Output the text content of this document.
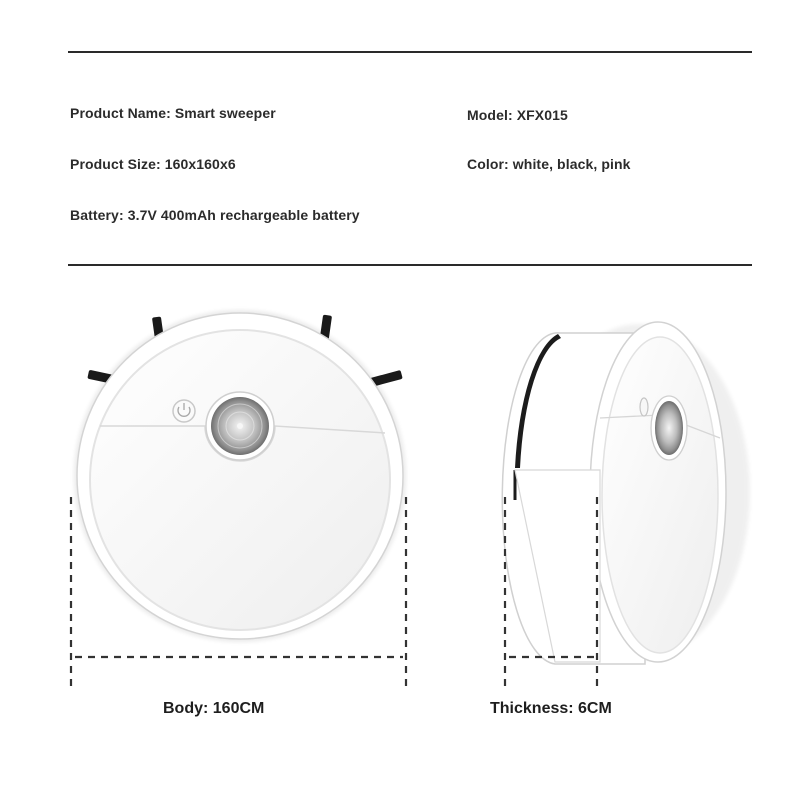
Product Name: Smart sweeper	Model: XFX015
Product Size: 160x160x6	Color: white, black, pink
Battery: 3.7V 400mAh rechargeable battery
Body: 160CM	Thickness: 6CM
